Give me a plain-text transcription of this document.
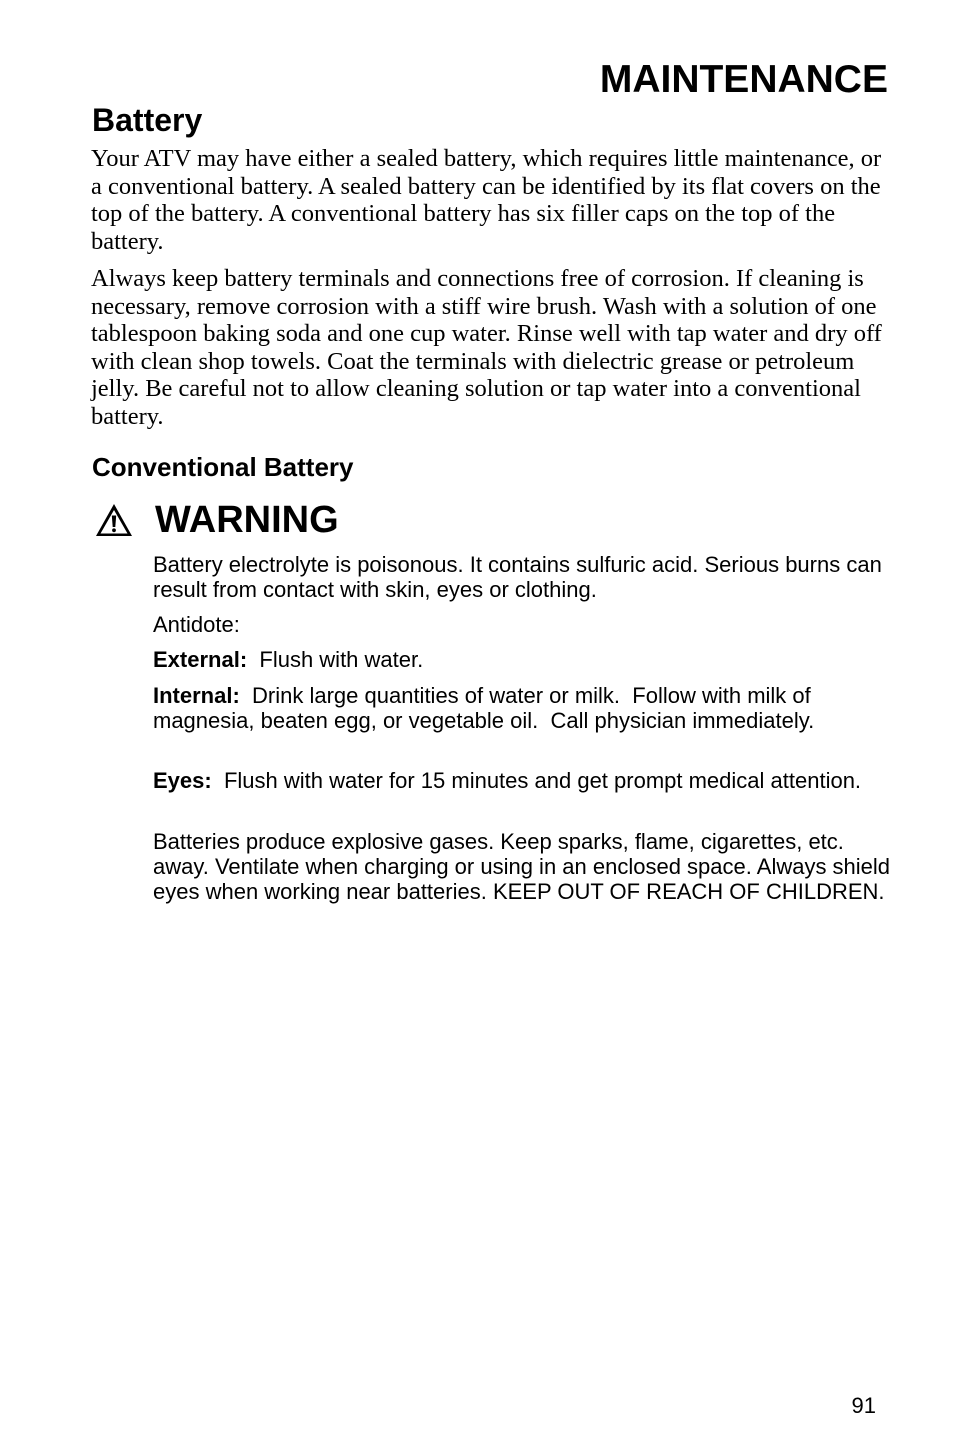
MAINTENANCE
Battery

Your ATV may have either a sealed battery, which requires little maintenance, or a conventional battery. A sealed battery can be identified by its flat covers on the top of the battery. A conventional battery has six filler caps on the top of the battery.

Always keep battery terminals and connections free of corrosion. If cleaning is necessary, remove corrosion with a stiff wire brush. Wash with a solution of one tablespoon baking soda and one cup water. Rinse well with tap water and dry off with clean shop towels. Coat the terminals with dielectric grease or petroleum jelly. Be careful not to allow cleaning solution or tap water into a conventional battery.

Conventional Battery
WARNING

Battery electrolyte is poisonous. It contains sulfuric acid. Serious burns can result from contact with skin, eyes or clothing.

Antidote:

External:  Flush with water.

Internal:  Drink large quantities of water or milk.  Follow with milk of magnesia, beaten egg, or vegetable oil.  Call physician immediately.

Eyes:  Flush with water for 15 minutes and get prompt medical attention.

Batteries produce explosive gases. Keep sparks, flame, cigarettes, etc. away. Ventilate when charging or using in an enclosed space. Always shield eyes when working near batteries. KEEP OUT OF REACH OF CHILDREN.

91
